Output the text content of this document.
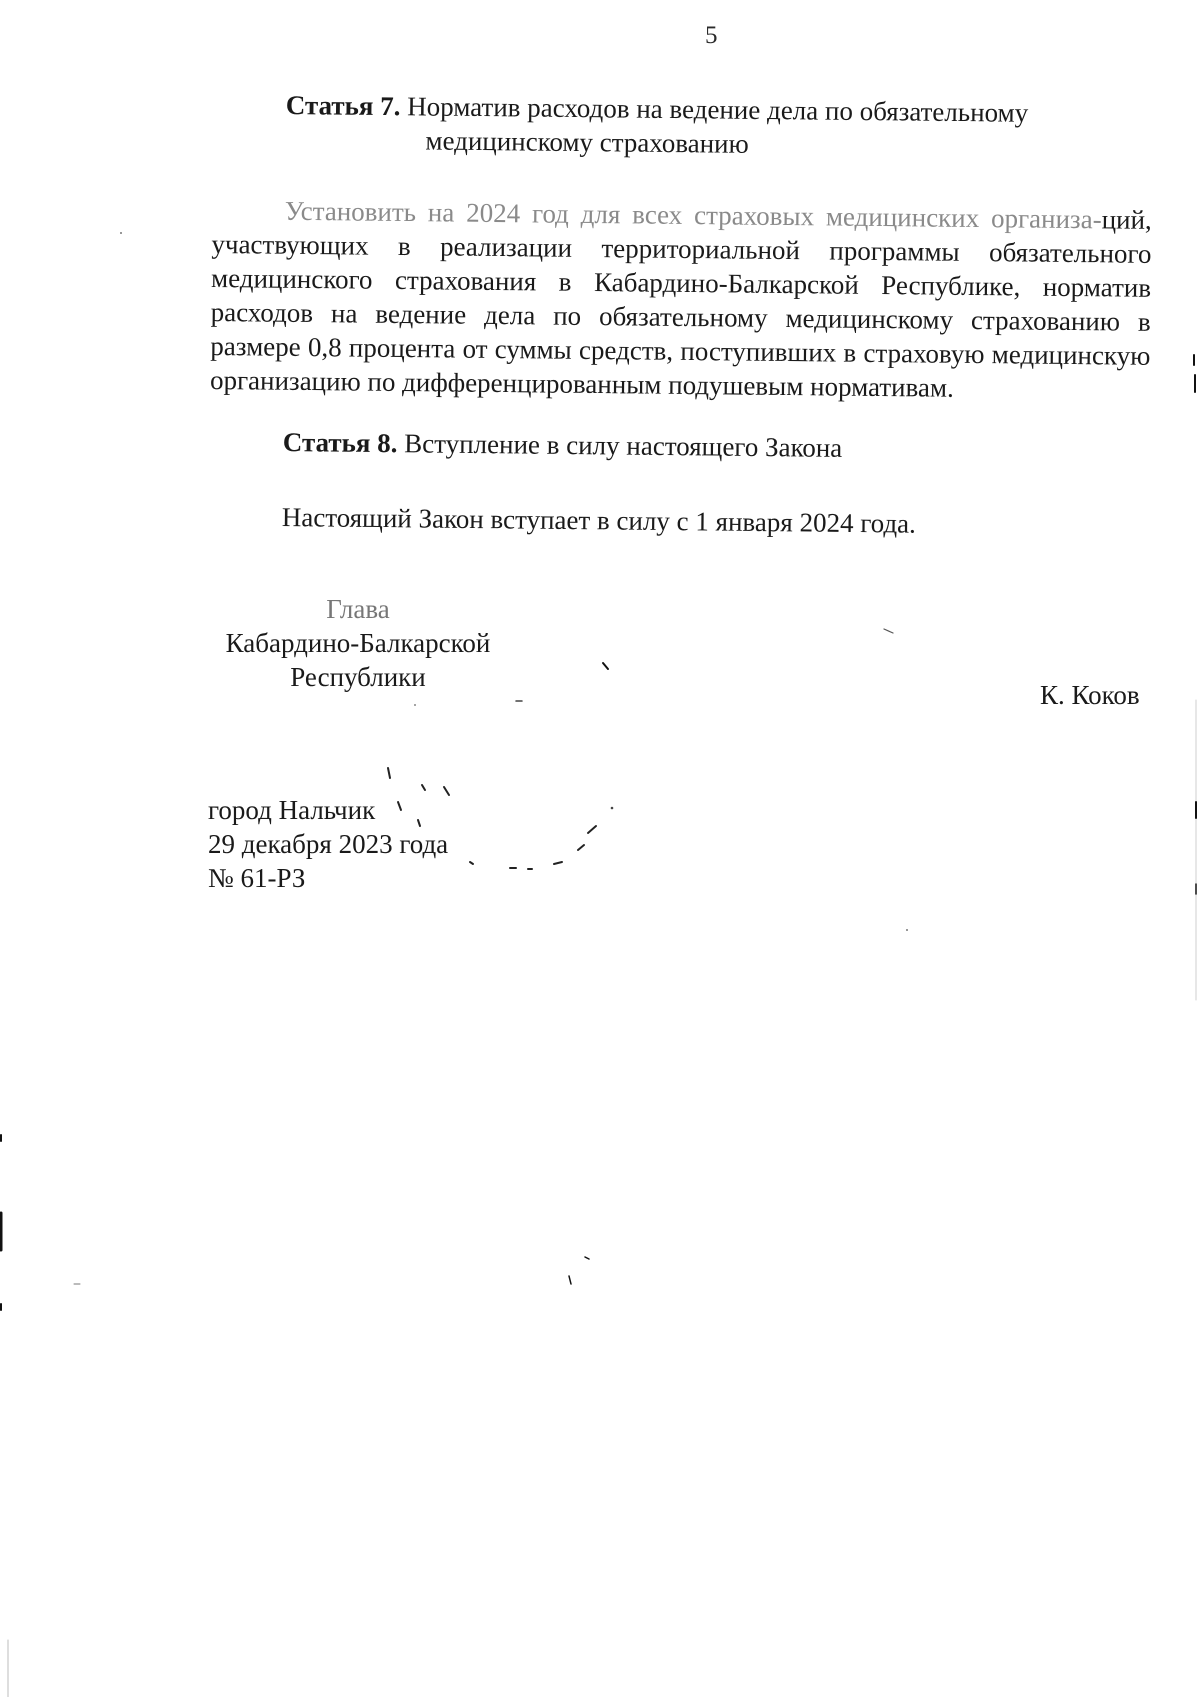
5
Статья 7. Норматив расходов на ведение дела по обязательному
медицинскому страхованию
Установить на 2024 год для всех страховых медицинских организа-ций, участвующих в реализации территориальной программы обязательного медицинского страхования в Кабардино-Балкарской Республике, норматив расходов на ведение дела по обязательному медицинскому страхованию в размере 0,8 процента от суммы средств, поступивших в страховую медицинскую организацию по дифференцированным подушевым нормативам.
Статья 8. Вступление в силу настоящего Закона
Настоящий Закон вступает в силу с 1 января 2024 года.
Глава
Кабардино-Балкарской
Республики
К. Коков
город Нальчик
29 декабря 2023 года
№ 61-РЗ
